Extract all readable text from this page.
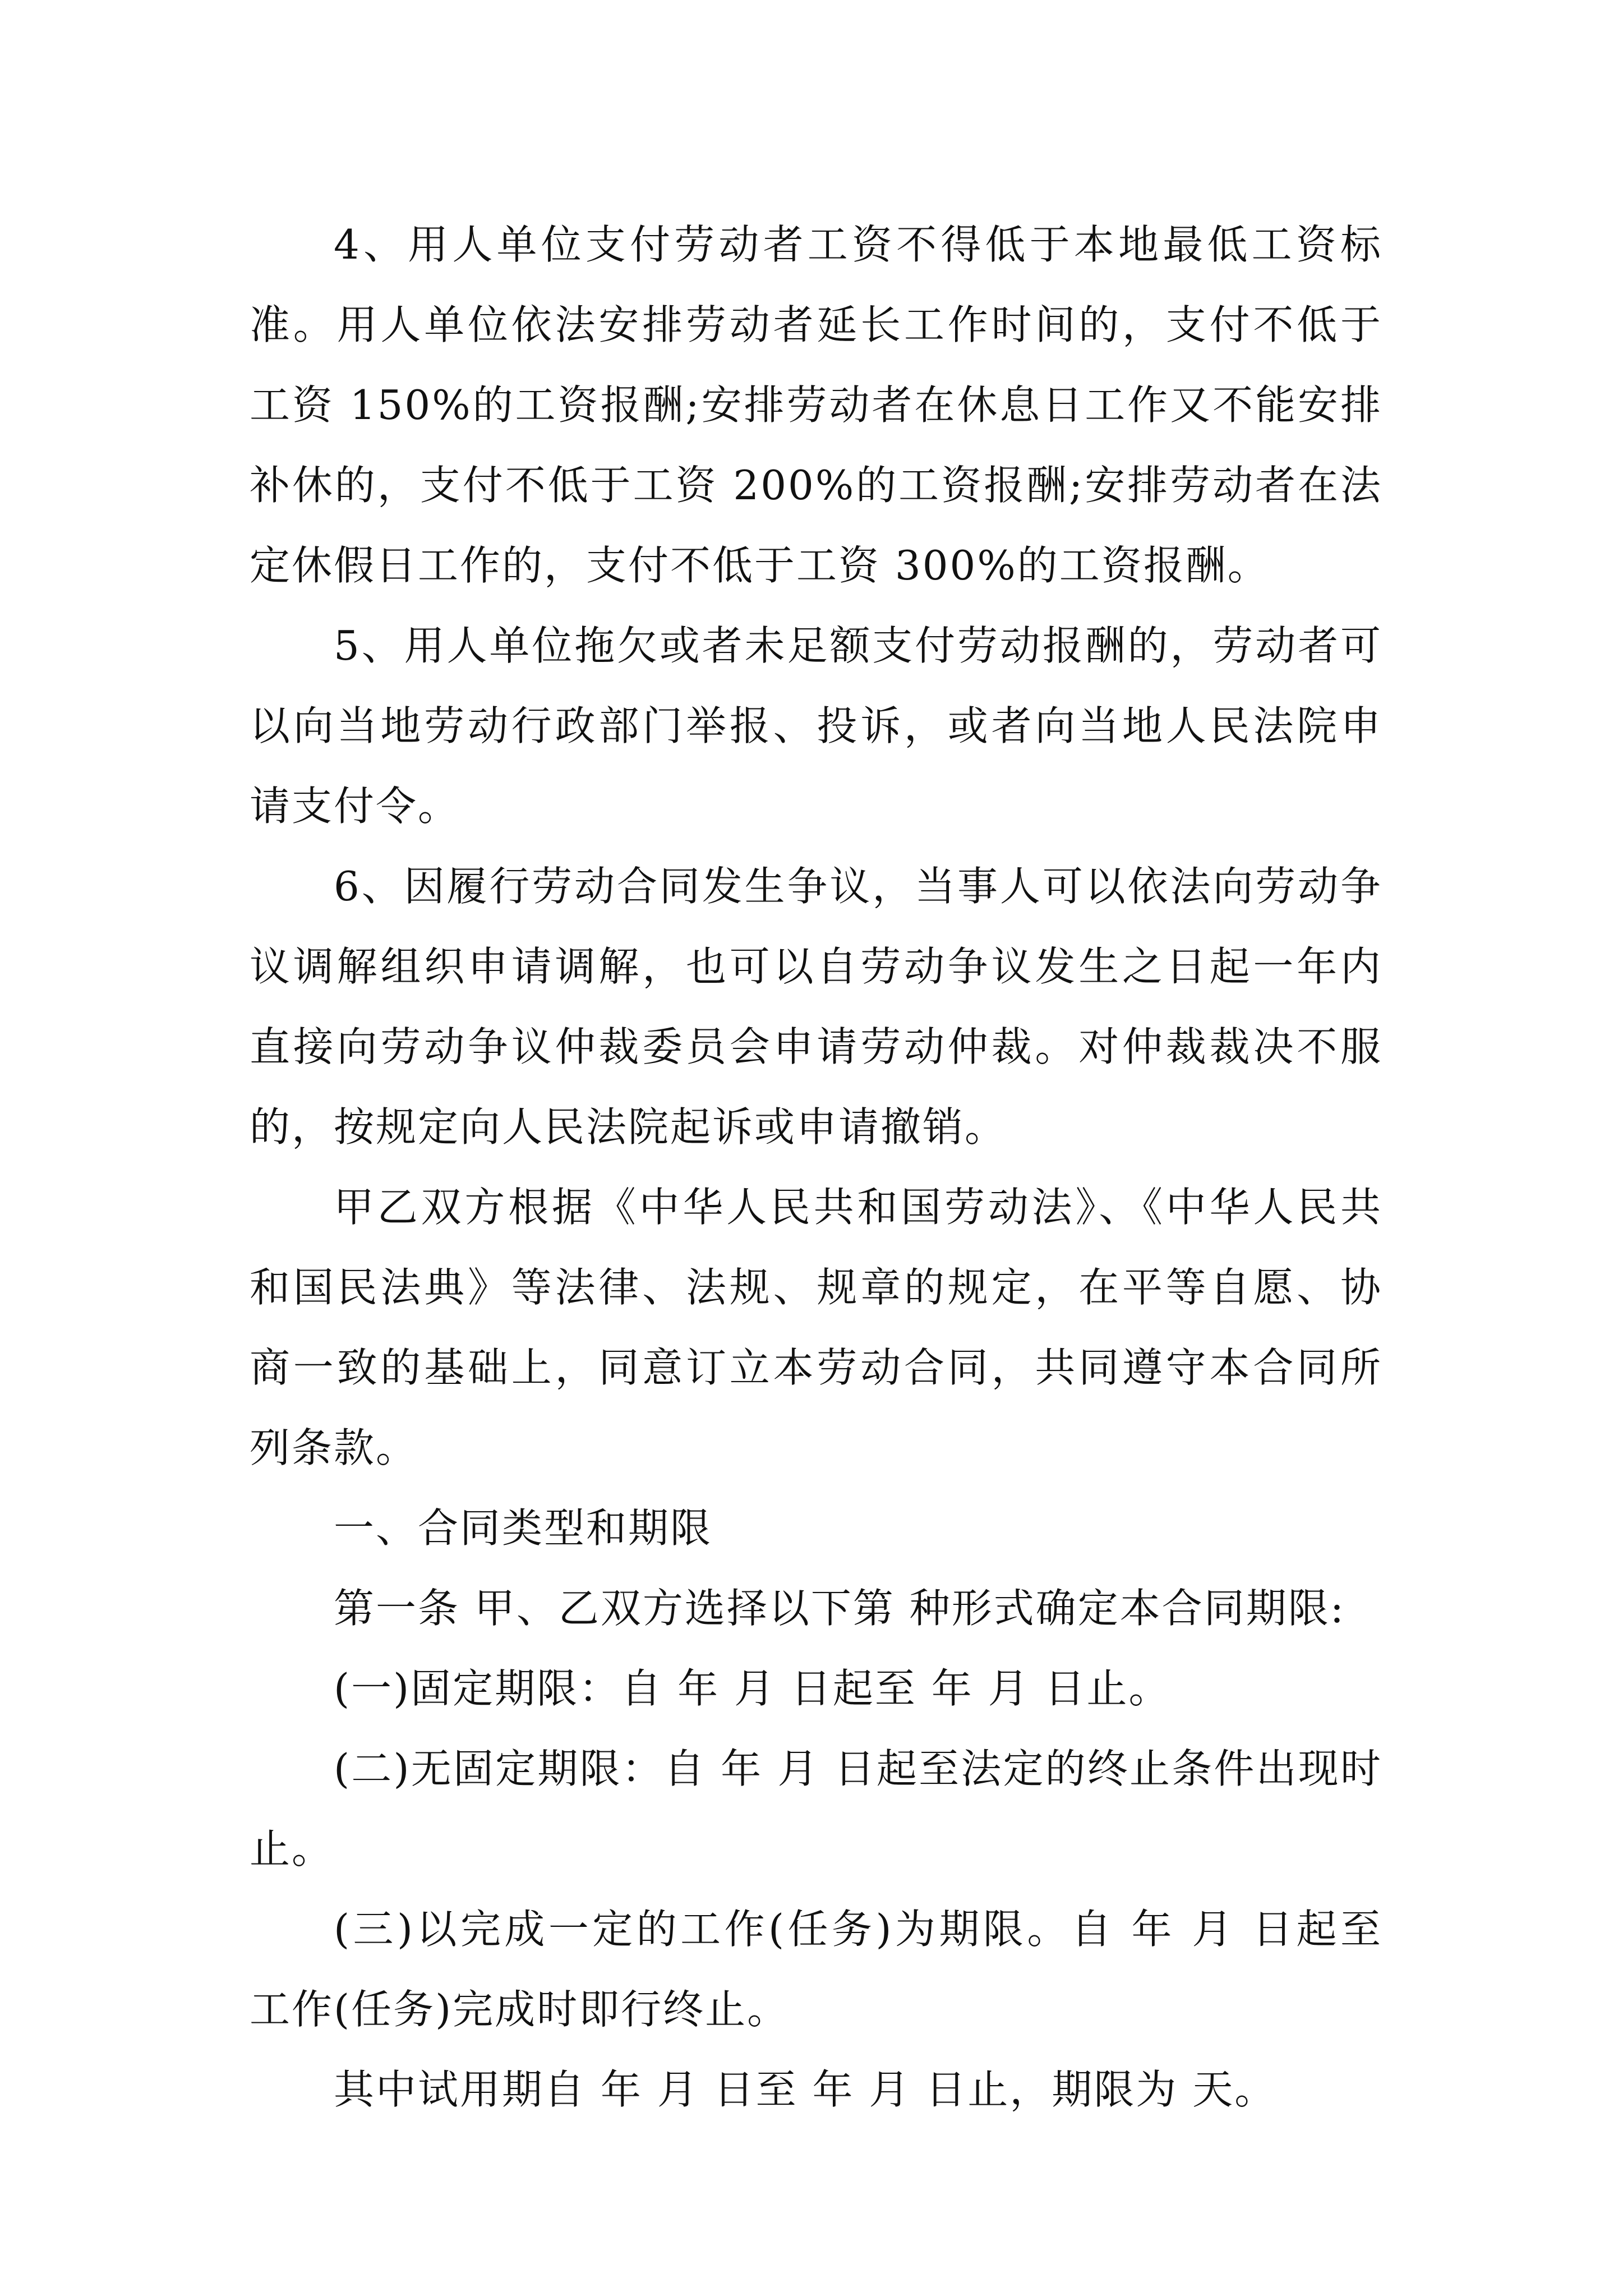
4、用人单位支付劳动者工资不得低于本地最低工资标准。用人单位依法安排劳动者延长工作时间的，支付不低于工资 150%的工资报酬;安排劳动者在休息日工作又不能安排补休的，支付不低于工资 200%的工资报酬;安排劳动者在法定休假日工作的，支付不低于工资 300%的工资报酬。

5、用人单位拖欠或者未足额支付劳动报酬的，劳动者可以向当地劳动行政部门举报、投诉，或者向当地人民法院申请支付令。

6、因履行劳动合同发生争议，当事人可以依法向劳动争议调解组织申请调解，也可以自劳动争议发生之日起一年内直接向劳动争议仲裁委员会申请劳动仲裁。对仲裁裁决不服的，按规定向人民法院起诉或申请撤销。

甲乙双方根据《中华人民共和国劳动法》、《中华人民共和国民法典》等法律、法规、规章的规定，在平等自愿、协商一致的基础上，同意订立本劳动合同，共同遵守本合同所列条款。

一、合同类型和期限

第一条 甲、乙双方选择以下第 种形式确定本合同期限:

(一)固定期限：自 年 月 日起至 年 月 日止。

(二)无固定期限：自 年 月 日起至法定的终止条件出现时止。

(三)以完成一定的工作(任务)为期限。自 年 月 日起至 工作(任务)完成时即行终止。

其中试用期自 年 月 日至 年 月 日止，期限为 天。
